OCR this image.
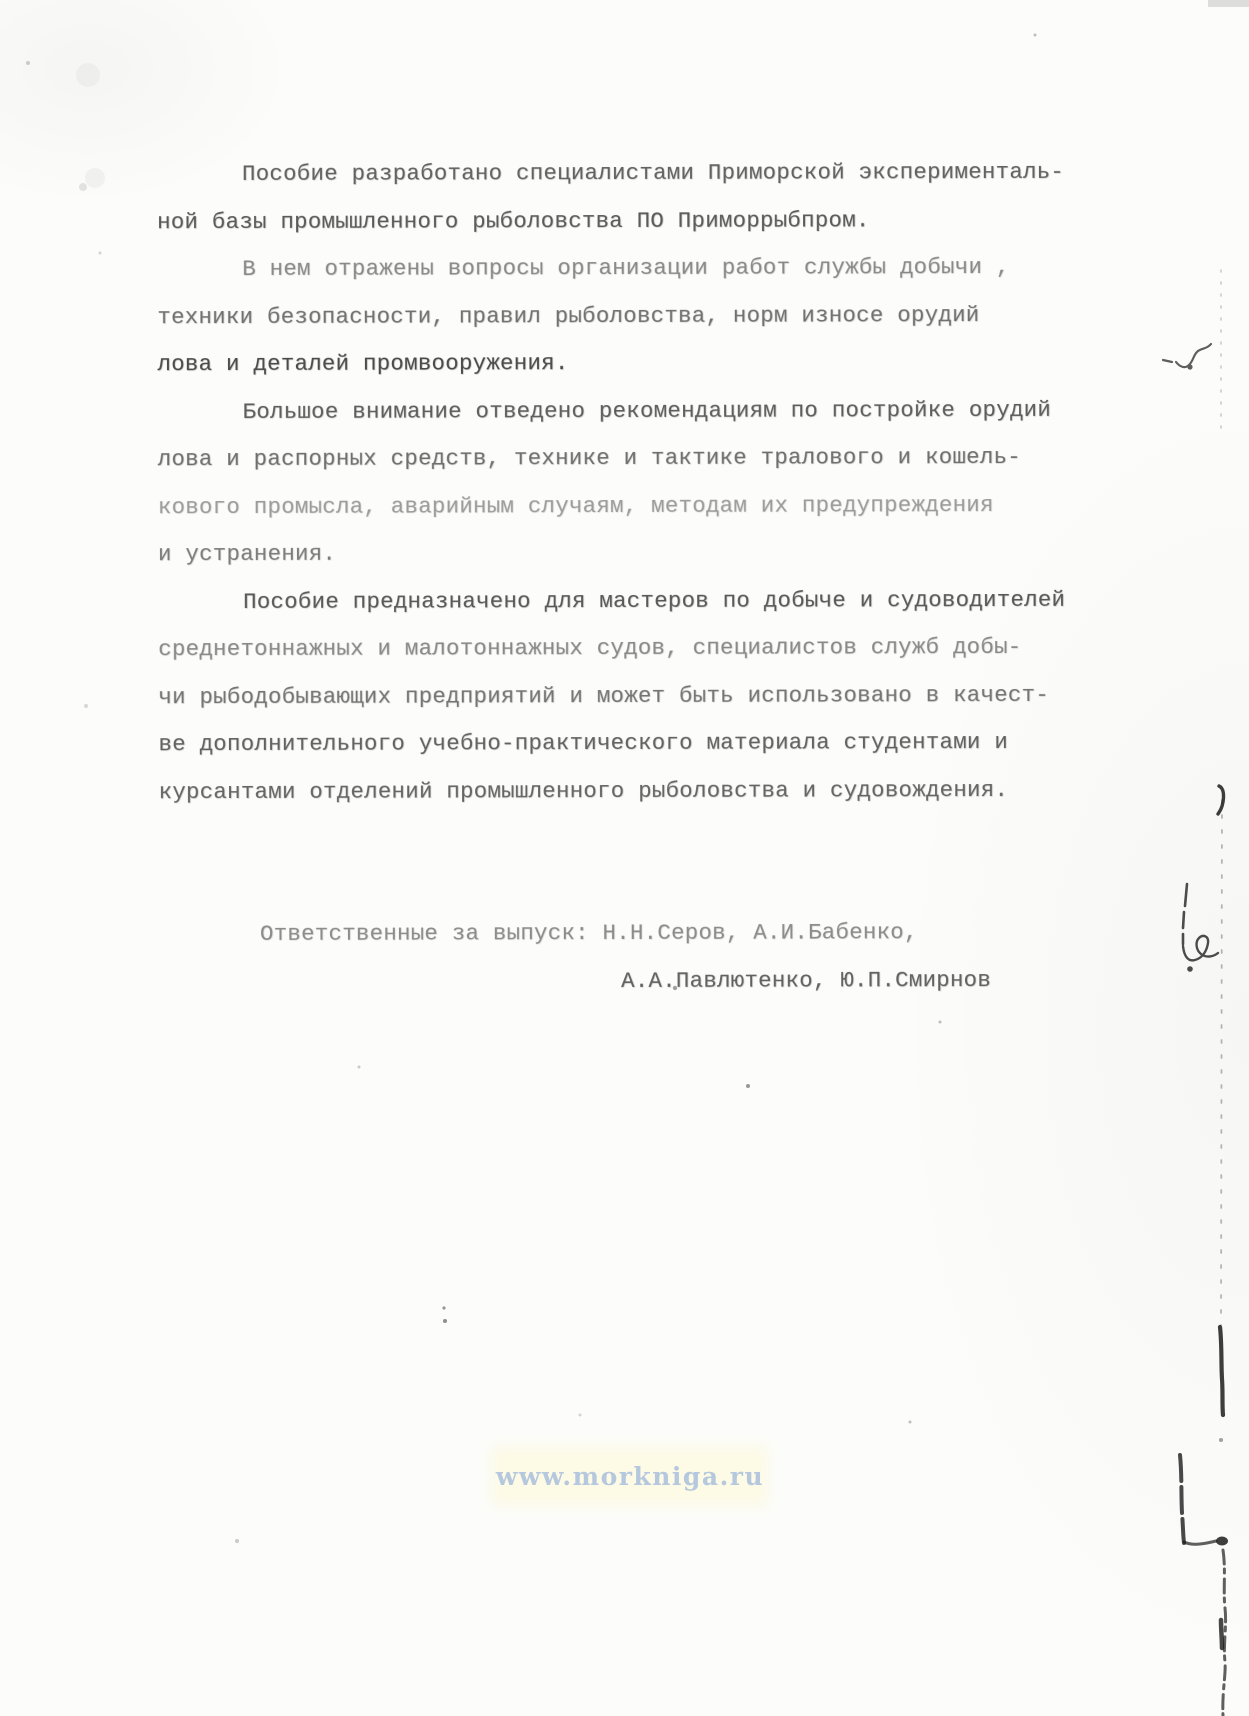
Пособие разработано специалистами Приморской эксперименталь-
ной базы промышленного рыболовства ПО Приморрыбпром.
В нем отражены вопросы организации работ службы добычи ,
техники безопасности, правил рыболовства, норм износе орудий
лова и деталей промвооружения.
Большое внимание отведено рекомендациям по постройке орудий
лова и распорных средств, технике и тактике тралового и кошель-
кового промысла, аварийным случаям, методам их предупреждения
и устранения.
Пособие предназначено для мастеров по добыче и судоводителей
среднетоннажных и малотоннажных судов, специалистов служб добы-
чи рыбодобывающих предприятий и может быть использовано в качест-
ве дополнительного учебно-практического материала студентами и
курсантами отделений промышленного рыболовства и судовождения.

Ответственные за выпуск: Н.Н.Серов, А.И.Бабенко,
А.А.Павлютенко, Ю.П.Смирнов
www.morkniga.ru
